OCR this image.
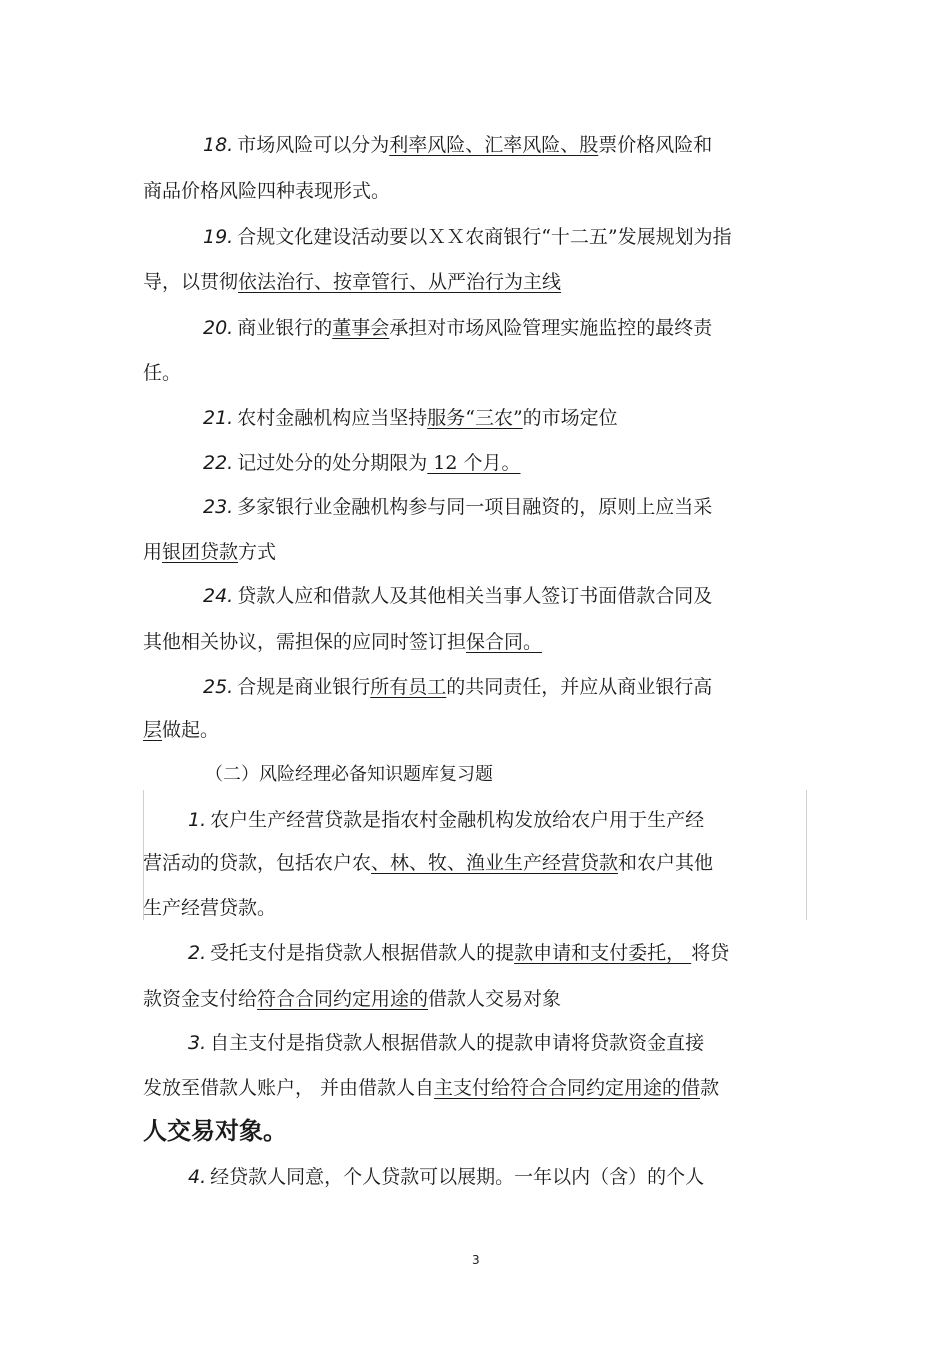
18. 市场风险可以分为利率风险、汇率风险、股票价格风险和
商品价格风险四种表现形式。
19. 合规文化建设活动要以ＸＸ农商银行“十二五”发展规划为指
导，以贯彻依法治行、按章管行、从严治行为主线
20. 商业银行的董事会承担对市场风险管理实施监控的最终责
任。
21. 农村金融机构应当坚持服务“三农”的市场定位
22. 记过处分的处分期限为 12 个月。
23. 多家银行业金融机构参与同一项目融资的，原则上应当采
用银团贷款方式
24. 贷款人应和借款人及其他相关当事人签订书面借款合同及
其他相关协议，需担保的应同时签订担保合同。
25. 合规是商业银行所有员工的共同责任，并应从商业银行高
层做起。
（二）风险经理必备知识题库复习题
1. 农户生产经营贷款是指农村金融机构发放给农户用于生产经
营活动的贷款，包括农户农、林、牧、渔业生产经营贷款和农户其他
生产经营贷款。
2. 受托支付是指贷款人根据借款人的提款申请和支付委托， 将贷
款资金支付给符合合同约定用途的借款人交易对象
3. 自主支付是指贷款人根据借款人的提款申请将贷款资金直接
发放至借款人账户， 并由借款人自主支付给符合合同约定用途的借款
人交易对象。
4. 经贷款人同意，个人贷款可以展期。一年以内（含）的个人
3
